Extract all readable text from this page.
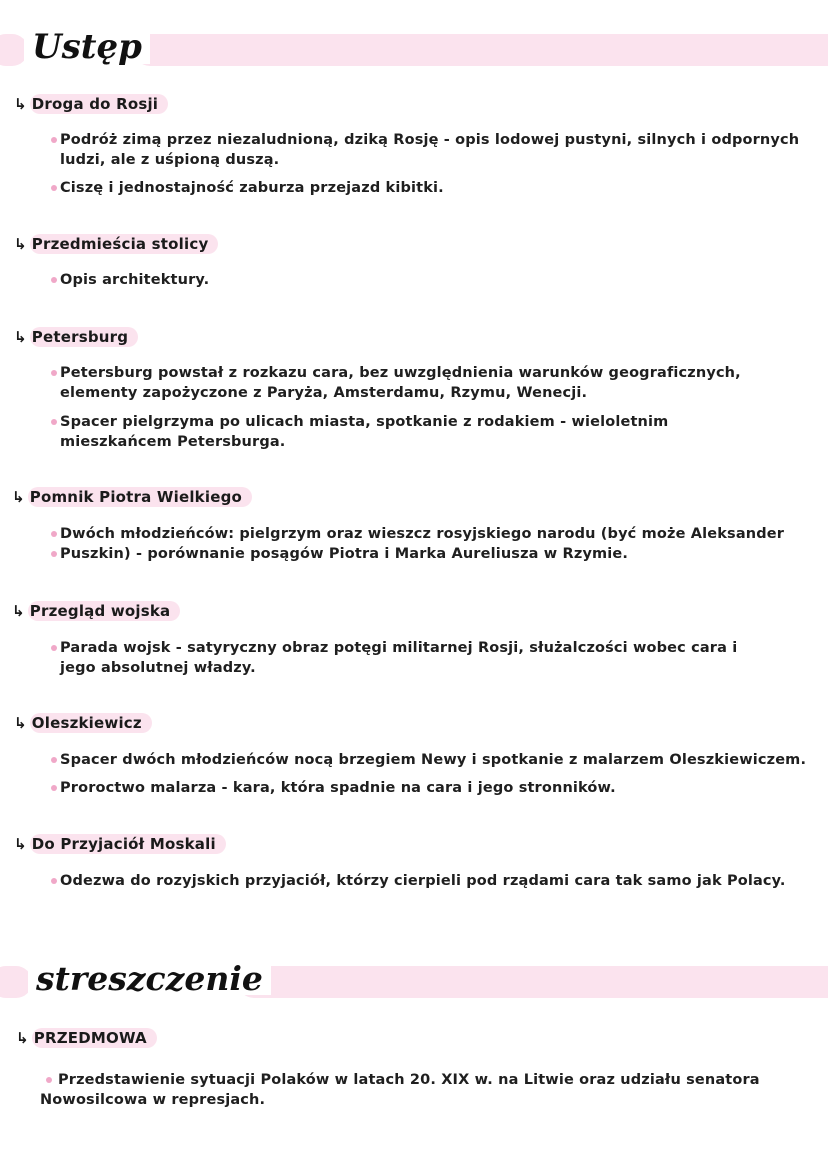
Ustęp
↳ Droga do Rosji
Podróż zimą przez niezaludnioną, dziką Rosję - opis lodowej pustyni, silnych i odpornych ludzi, ale z uśpioną duszą.
Ciszę i jednostajność zaburza przejazd kibitki.
↳ Przedmieścia stolicy
Opis architektury.
↳ Petersburg
Petersburg powstał z rozkazu cara, bez uwzględnienia warunków geograficznych, elementy zapożyczone z Paryża, Amsterdamu, Rzymu, Wenecji.
Spacer pielgrzyma po ulicach miasta, spotkanie z rodakiem - wieloletnim mieszkańcem Petersburga.
↳ Pomnik Piotra Wielkiego
Dwóch młodzieńców: pielgrzym oraz wieszcz rosyjskiego narodu (być może Aleksander
Puszkin) - porównanie posągów Piotra i Marka Aureliusza w Rzymie.
↳ Przegląd wojska
Parada wojsk - satyryczny obraz potęgi militarnej Rosji, służalczości wobec cara i jego absolutnej władzy.
↳ Oleszkiewicz
Spacer dwóch młodzieńców nocą brzegiem Newy i spotkanie z malarzem Oleszkiewiczem.
Proroctwo malarza - kara, która spadnie na cara i jego stronników.
↳ Do Przyjaciół Moskali
Odezwa do rozyjskich przyjaciół, którzy cierpieli pod rządami cara tak samo jak Polacy.
streszczenie
↳ PRZEDMOWA
Przedstawienie sytuacji Polaków w latach 20. XIX w. na Litwie oraz udziału senatora Nowosilcowa w represjach.
